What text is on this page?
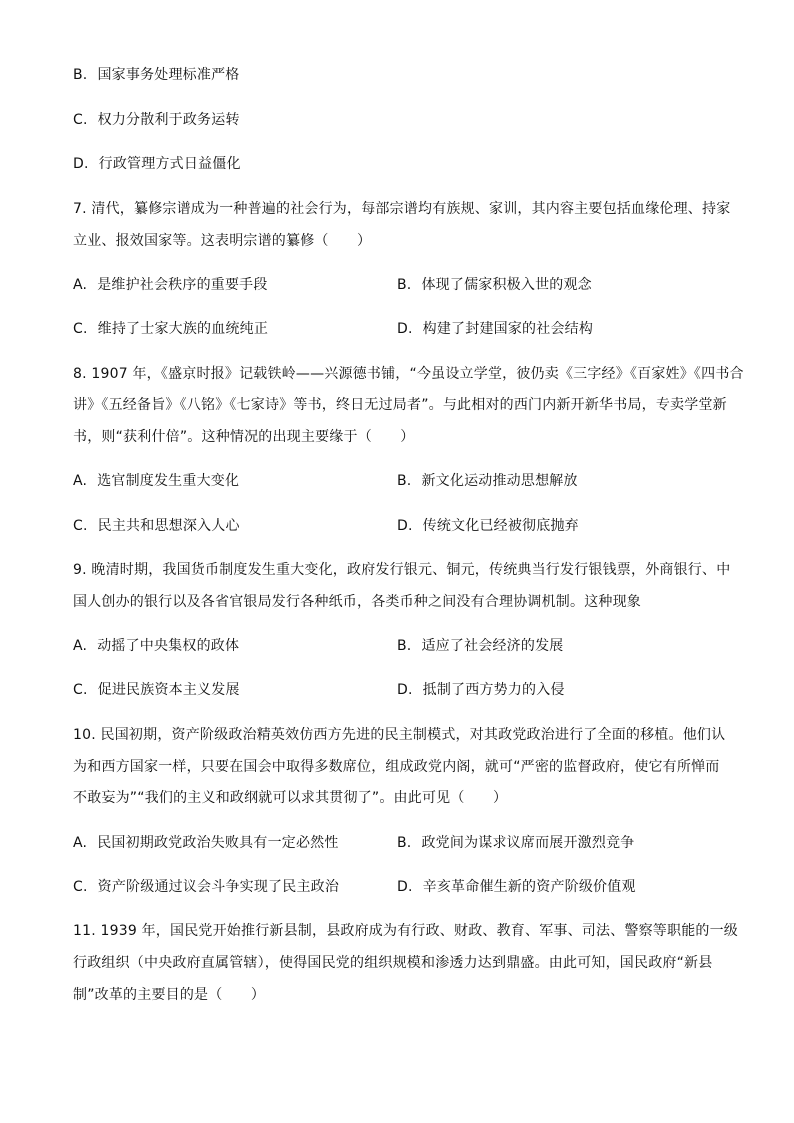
B. 国家事务处理标准严格
C. 权力分散利于政务运转
D. 行政管理方式日益僵化
7. 清代，纂修宗谱成为一种普遍的社会行为，每部宗谱均有族规、家训，其内容主要包括血缘伦理、持家
立业、报效国家等。这表明宗谱的纂修（　　）
A. 是维护社会秩序的重要手段	B. 体现了儒家积极入世的观念
C. 维持了士家大族的血统纯正	D. 构建了封建国家的社会结构
8. 1907 年，《盛京时报》记载铁岭——兴源德书铺，“今虽设立学堂，彼仍卖《三字经》《百家姓》《四书合
讲》《五经备旨》《八铭》《七家诗》等书，终日无过局者”。与此相对的西门内新开新华书局，专卖学堂新
书，则“获利什倍”。这种情况的出现主要缘于（　　）
A. 选官制度发生重大变化	B. 新文化运动推动思想解放
C. 民主共和思想深入人心	D. 传统文化已经被彻底抛弃
9. 晚清时期，我国货币制度发生重大变化，政府发行银元、铜元，传统典当行发行银钱票，外商银行、中
国人创办的银行以及各省官银局发行各种纸币，各类币种之间没有合理协调机制。这种现象
A. 动摇了中央集权的政体	B. 适应了社会经济的发展
C. 促进民族资本主义发展	D. 抵制了西方势力的入侵
10. 民国初期，资产阶级政治精英效仿西方先进的民主制模式，对其政党政治进行了全面的移植。他们认
为和西方国家一样，只要在国会中取得多数席位，组成政党内阁，就可“严密的监督政府，使它有所惮而
不敢妄为”“我们的主义和政纲就可以求其贯彻了”。由此可见（　　）
A. 民国初期政党政治失败具有一定必然性	B. 政党间为谋求议席而展开激烈竞争
C. 资产阶级通过议会斗争实现了民主政治	D. 辛亥革命催生新的资产阶级价值观
11. 1939 年，国民党开始推行新县制，县政府成为有行政、财政、教育、军事、司法、警察等职能的一级
行政组织（中央政府直属管辖），使得国民党的组织规模和渗透力达到鼎盛。由此可知，国民政府“新县
制”改革的主要目的是（　　）
